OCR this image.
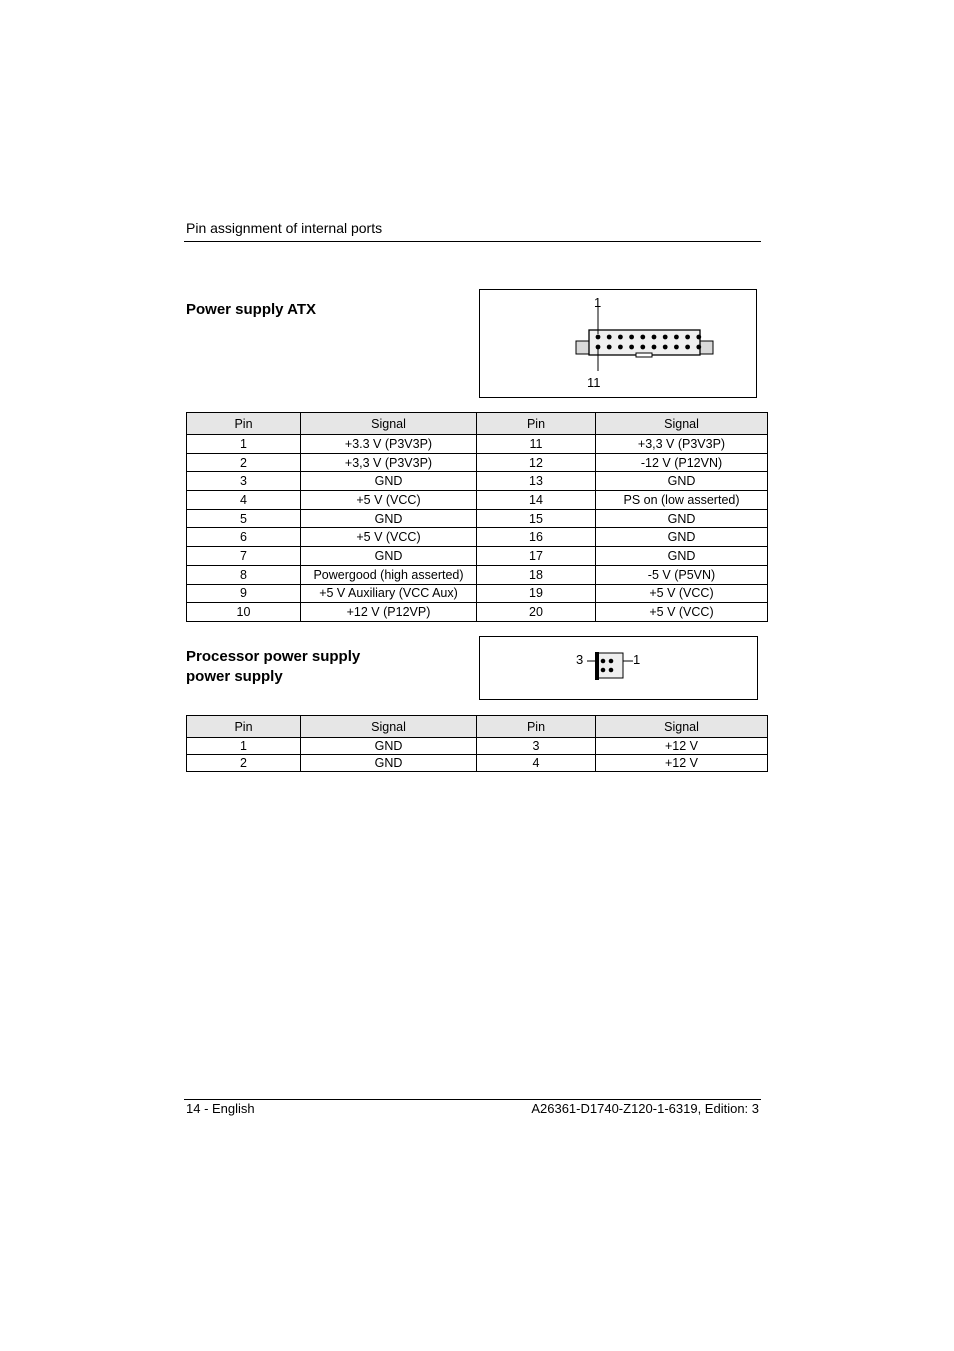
Pin assignment of internal ports
Power supply ATX	1
11
Pin	Signal	Pin	Signal
1	+3.3 V (P3V3P)	11	+3,3 V (P3V3P)
2	+3,3 V (P3V3P)	12	-12 V (P12VN)
3	GND	13	GND
4	+5 V (VCC)	14	PS on (low asserted)
5	GND	15	GND
6	+5 V (VCC)	16	GND
7	GND	17	GND
8	Powergood (high asserted)	18	-5 V (P5VN)
9	+5 V Auxiliary (VCC Aux)	19	+5 V (VCC)
10	+12 V (P12VP)	20	+5 V (VCC)
Processor power supply
power supply
3	1
Pin	Signal	Pin	Signal
1	GND	3	+12 V
2	GND	4	+12 V
14 - English	A26361-D1740-Z120-1-6319, Edition: 3
